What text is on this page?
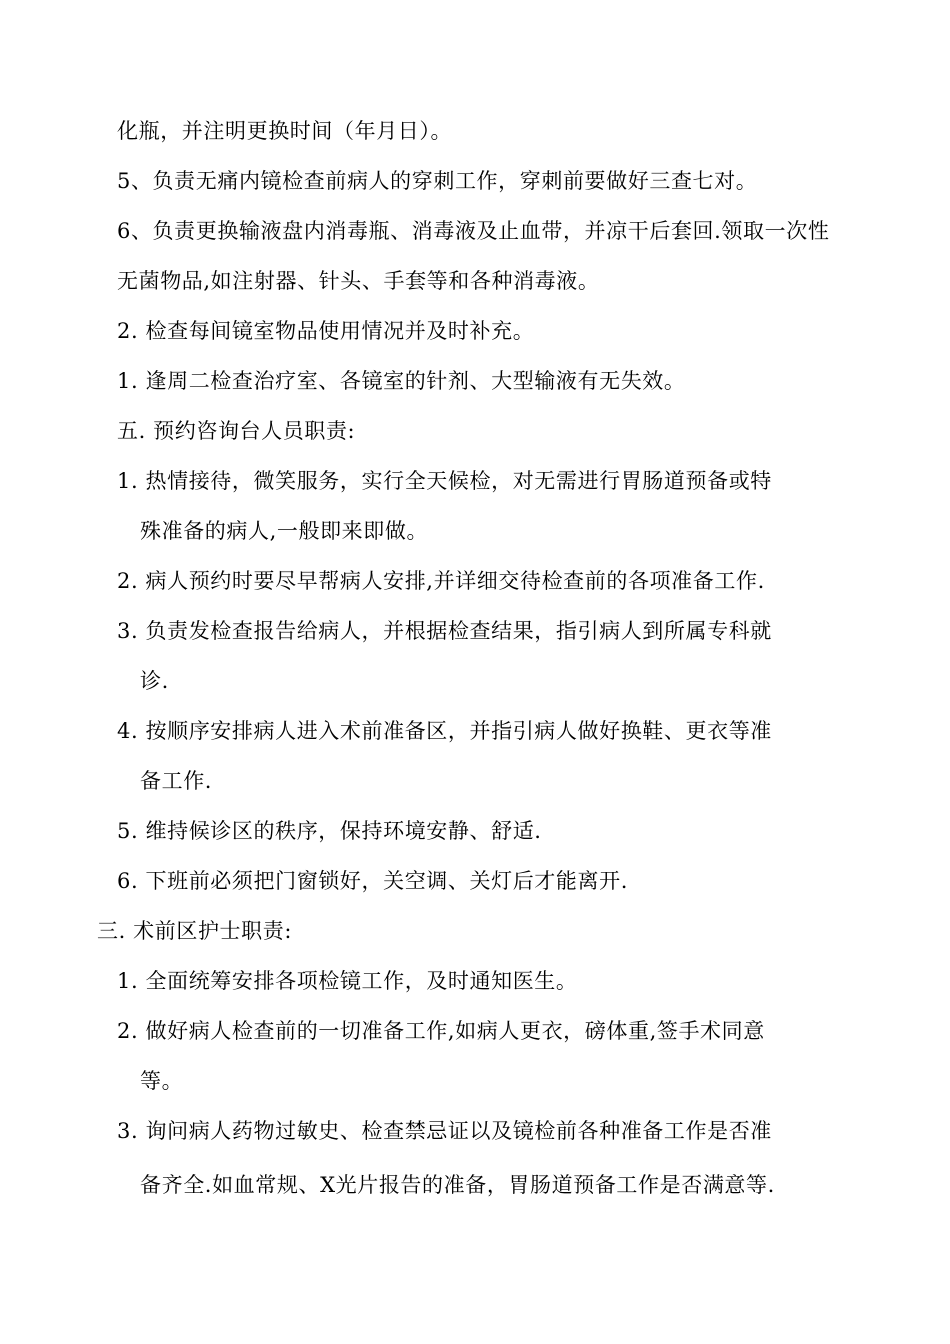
化瓶，并注明更换时间（年月日）。
5、负责无痛内镜检查前病人的穿刺工作，穿刺前要做好三查七对。
6、负责更换输液盘内消毒瓶、消毒液及止血带，并凉干后套回.领取一次性
无菌物品,如注射器、针头、手套等和各种消毒液。
2. 检查每间镜室物品使用情况并及时补充。
1. 逢周二检查治疗室、各镜室的针剂、大型输液有无失效。
五. 预约咨询台人员职责:
1. 热情接待，微笑服务，实行全天候检，对无需进行胃肠道预备或特
殊准备的病人,一般即来即做。
2. 病人预约时要尽早帮病人安排,并详细交待检查前的各项准备工作.
3. 负责发检查报告给病人，并根据检查结果，指引病人到所属专科就
诊.
4. 按顺序安排病人进入术前准备区，并指引病人做好换鞋、更衣等准
备工作.
5. 维持候诊区的秩序，保持环境安静、舒适.
6. 下班前必须把门窗锁好，关空调、关灯后才能离开.
三. 术前区护士职责:
1. 全面统筹安排各项检镜工作，及时通知医生。
2. 做好病人检查前的一切准备工作,如病人更衣，磅体重,签手术同意
等。
3. 询问病人药物过敏史、检查禁忌证以及镜检前各种准备工作是否准
备齐全.如血常规、X光片报告的准备，胃肠道预备工作是否满意等.
